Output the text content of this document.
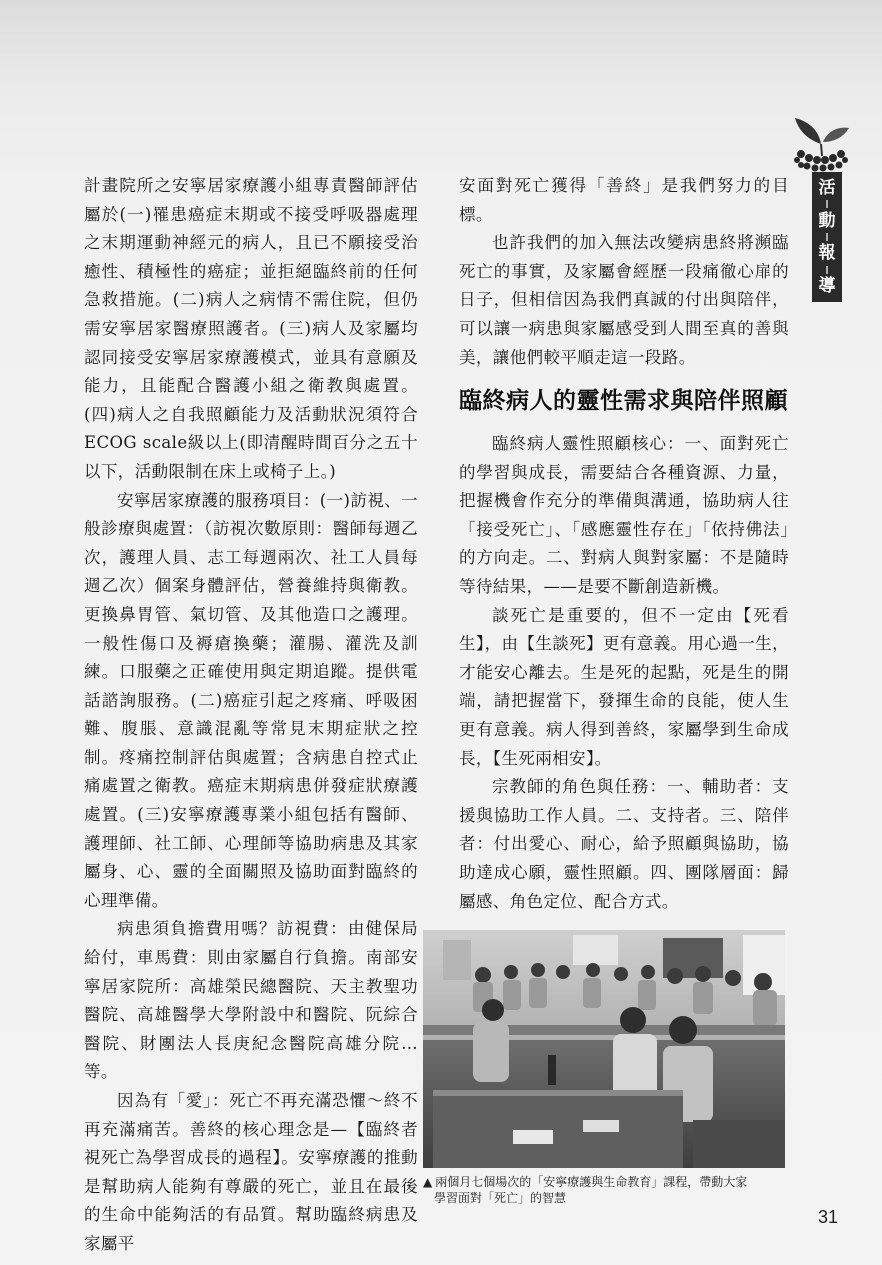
活
動
報
導

計畫院所之安寧居家療護小組專責醫師評估屬於(一)罹患癌症末期或不接受呼吸器處理之末期運動神經元的病人，且已不願接受治癒性、積極性的癌症；並拒絕臨終前的任何急救措施。(二)病人之病情不需住院，但仍需安寧居家醫療照護者。(三)病人及家屬均認同接受安寧居家療護模式，並具有意願及能力，且能配合醫護小組之衛教與處置。(四)病人之自我照顧能力及活動狀況須符合ECOG scale級以上(即清醒時間百分之五十以下，活動限制在床上或椅子上。)

安寧居家療護的服務項目：(一)訪視、一般診療與處置：（訪視次數原則：醫師每週乙次，護理人員、志工每週兩次、社工人員每週乙次）個案身體評估，營養維持與衛教。更換鼻胃管、氣切管、及其他造口之護理。一般性傷口及褥瘡換藥；灌腸、灌洗及訓練。口服藥之正確使用與定期追蹤。提供電話諮詢服務。(二)癌症引起之疼痛、呼吸困難、腹脹、意識混亂等常見末期症狀之控制。疼痛控制評估與處置；含病患自控式止痛處置之衛教。癌症末期病患併發症狀療護處置。(三)安寧療護專業小組包括有醫師、護理師、社工師、心理師等協助病患及其家屬身、心、靈的全面關照及協助面對臨終的心理準備。

病患須負擔費用嗎？訪視費：由健保局給付，車馬費：則由家屬自行負擔。南部安寧居家院所：高雄榮民總醫院、天主教聖功醫院、高雄醫學大學附設中和醫院、阮綜合醫院、財團法人長庚紀念醫院高雄分院…等。

因為有「愛」：死亡不再充滿恐懼～終不再充滿痛苦。善終的核心理念是—【臨終者視死亡為學習成長的過程】。安寧療護的推動是幫助病人能夠有尊嚴的死亡，並且在最後的生命中能夠活的有品質。幫助臨終病患及家屬平

安面對死亡獲得「善終」是我們努力的目標。

也許我們的加入無法改變病患終將瀕臨死亡的事實，及家屬會經歷一段痛徹心扉的日子，但相信因為我們真誠的付出與陪伴，可以讓一病患與家屬感受到人間至真的善與美，讓他們較平順走這一段路。

臨終病人的靈性需求與陪伴照顧

臨終病人靈性照顧核心：一、面對死亡的學習與成長，需要結合各種資源、力量，把握機會作充分的準備與溝通，協助病人往「接受死亡」、「感應靈性存在」「依持佛法」的方向走。二、對病人與對家屬：不是隨時等待結果，——是要不斷創造新機。

談死亡是重要的，但不一定由【死看生】，由【生談死】更有意義。用心過一生，才能安心離去。生是死的起點，死是生的開端，請把握當下，發揮生命的良能，使人生更有意義。病人得到善終，家屬學到生命成長，【生死兩相安】。

宗教師的角色與任務：一、輔助者：支援與協助工作人員。二、支持者。三、陪伴者：付出愛心、耐心，給予照顧與協助，協助達成心願，靈性照顧。四、團隊層面：歸屬感、角色定位、配合方式。

▲ 兩個月七個場次的「安寧療護與生命教育」課程，帶動大家
學習面對「死亡」的智慧
31
